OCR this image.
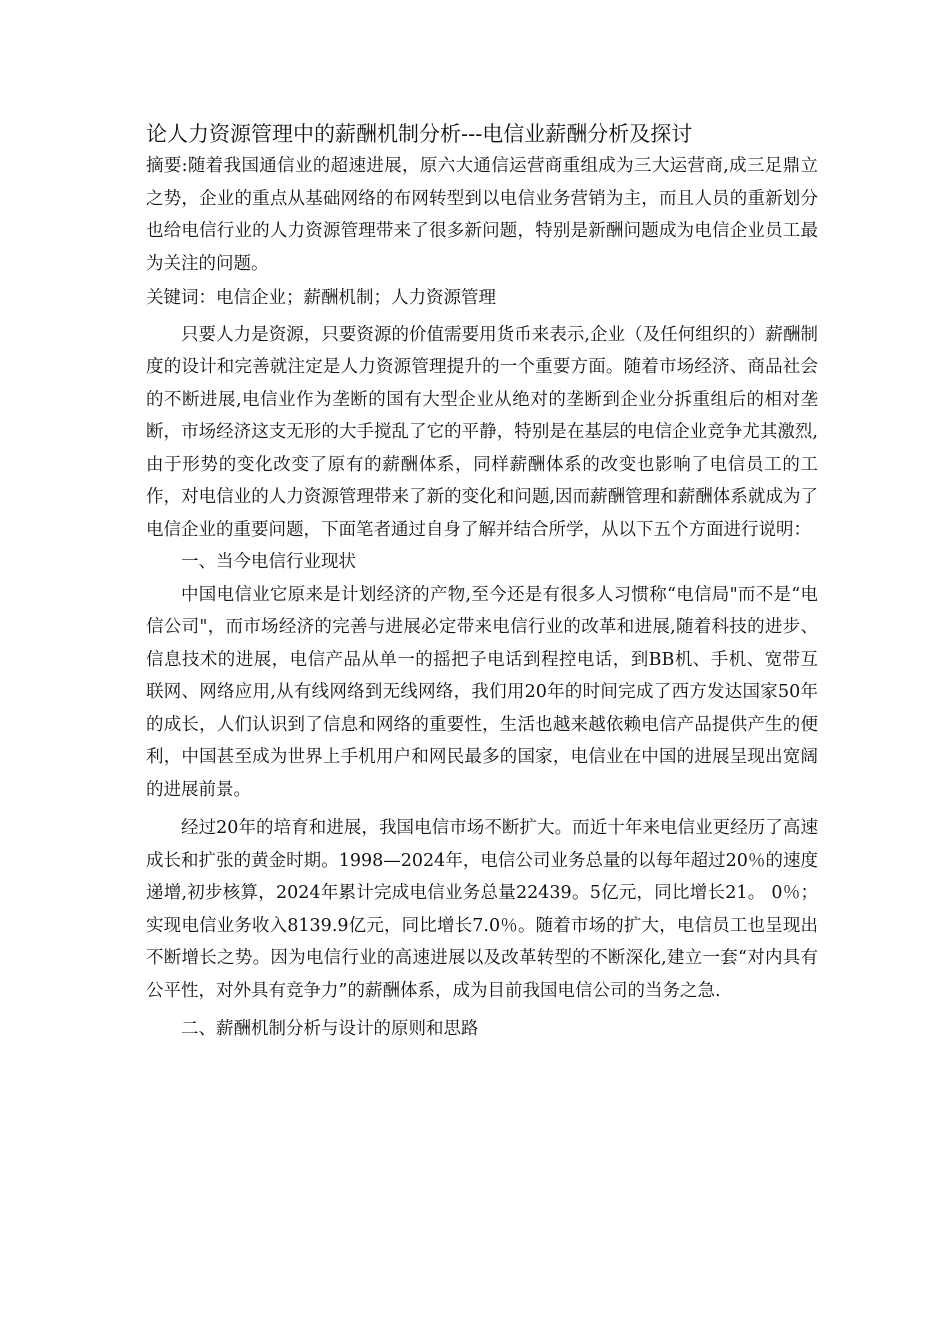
论人力资源管理中的薪酬机制分析---电信业薪酬分析及探讨

摘要:随着我国通信业的超速进展，原六大通信运营商重组成为三大运营商,成三足鼎立之势，企业的重点从基础网络的布网转型到以电信业务营销为主，而且人员的重新划分也给电信行业的人力资源管理带来了很多新问题，特别是新酬问题成为电信企业员工最为关注的问题。

关键词：电信企业；薪酬机制；人力资源管理

只要人力是资源，只要资源的价值需要用货币来表示,企业（及任何组织的）薪酬制度的设计和完善就注定是人力资源管理提升的一个重要方面。随着市场经济、商品社会的不断进展,电信业作为垄断的国有大型企业从绝对的垄断到企业分拆重组后的相对垄断，市场经济这支无形的大手搅乱了它的平静，特别是在基层的电信企业竞争尤其激烈,由于形势的变化改变了原有的薪酬体系，同样薪酬体系的改变也影响了电信员工的工作，对电信业的人力资源管理带来了新的变化和问题,因而薪酬管理和薪酬体系就成为了电信企业的重要问题，下面笔者通过自身了解并结合所学，从以下五个方面进行说明：

一、当今电信行业现状

中国电信业它原来是计划经济的产物,至今还是有很多人习惯称“电信局"而不是“电信公司"，而市场经济的完善与进展必定带来电信行业的改革和进展,随着科技的进步、信息技术的进展，电信产品从单一的摇把子电话到程控电话，到BB机、手机、宽带互联网、网络应用,从有线网络到无线网络，我们用20年的时间完成了西方发达国家50年的成长，人们认识到了信息和网络的重要性，生活也越来越依赖电信产品提供产生的便利，中国甚至成为世界上手机用户和网民最多的国家，电信业在中国的进展呈现出宽阔的进展前景。

经过20年的培育和进展，我国电信市场不断扩大。而近十年来电信业更经历了高速成长和扩张的黄金时期。1998—2024年，电信公司业务总量的以每年超过20％的速度递增,初步核算，2024年累计完成电信业务总量22439。5亿元，同比增长21。 0％；实现电信业务收入8139.9亿元，同比增长7.0％。随着市场的扩大，电信员工也呈现出不断增长之势。因为电信行业的高速进展以及改革转型的不断深化,建立一套“对内具有公平性，对外具有竞争力”的薪酬体系，成为目前我国电信公司的当务之急.

二、薪酬机制分析与设计的原则和思路
